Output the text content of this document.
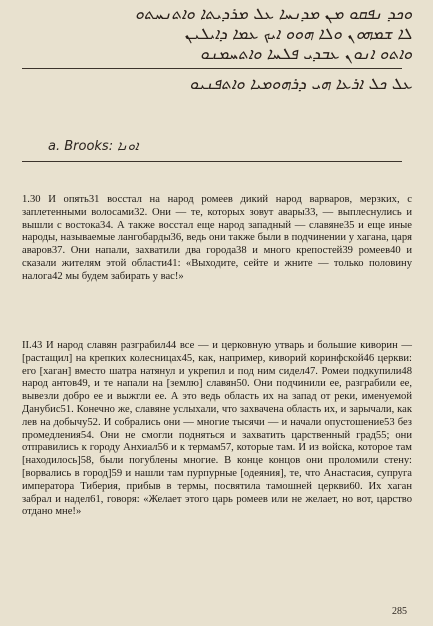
ܘܟܕ ܢܦܩܘ ܡܢ ܡܕܢܚܐ ܥܠ ܡܪܕܝܬܐ ܘܐܬܢܚܬܘ
ܠܐ ܫܡܗܘܢ ܘܠܐ ܗܘܘ ܐܝܟ ܥܡܐ ܕܐܝܠܝܢ
ܘܐܬܘ ܐܢܘܢ ܥܒܕܝ ܦܠܚܐ ܘܐܬܚܡܢܘ
ܥܠ ܟܠ ܐܪܥܐ ܗܝ ܕܪܗܘܡܝܐ ܘܐܬܦܢܝܘ
a. Brooks: ܐܘܢܐ
1.30 И опять31 восстал на народ ромеев дикий народ варваров, мерзких, с заплетенными волосами32. Они — те, которых зовут авары33, — выплеснулись и вышли с востока34. А также восстал еще народ западный — славяне35 и еще иные народы, называемые лангобарды36, ведь они также были в подчинении у хагана, царя аваров37. Они напали, захватили два города38 и много крепостей39 ромеев40 и сказали жителям этой области41: «Выходите, сейте и жните — только половину налога42 мы будем забирать у вас!»
II.43 И народ славян разграбил44 все — и церковную утварь и большие киворин — [растащил] на крепких колесницах45, как, например, киворий коринфской46 церкви: его [хаган] вместо шатра натянул и укрепил и под ним сидел47. Ромеи подкупили48 народ антов49, и те напали на [землю] славян50. Они подчинили ее, разграбили ее, вывезли добро ее и выжгли ее. А это ведь область их на запад от реки, именуемой Данубис51. Конечно же, славяне услыхали, что захвачена область их, и зарычали, как лев на добычу52. И собрались они — многие тысячи — и начали опустошение53 без промедления54. Они не смогли подняться и захватить царственный град55; они отправились к городу Анхиал56 и к термам57, которые там. И из войска, которое там [находилось]58, были погублены многие. В конце концов они проломили стену: [ворвались в город]59 и нашли там пурпурные [одеяния], те, что Анастасия, супруга императора Тиберия, прибыв в термы, посвятила тамошней церкви60. Их хаган забрал и надел61, говоря: «Желает этого царь ромеев или не желает, но вот, царство отдано мне!»
285
